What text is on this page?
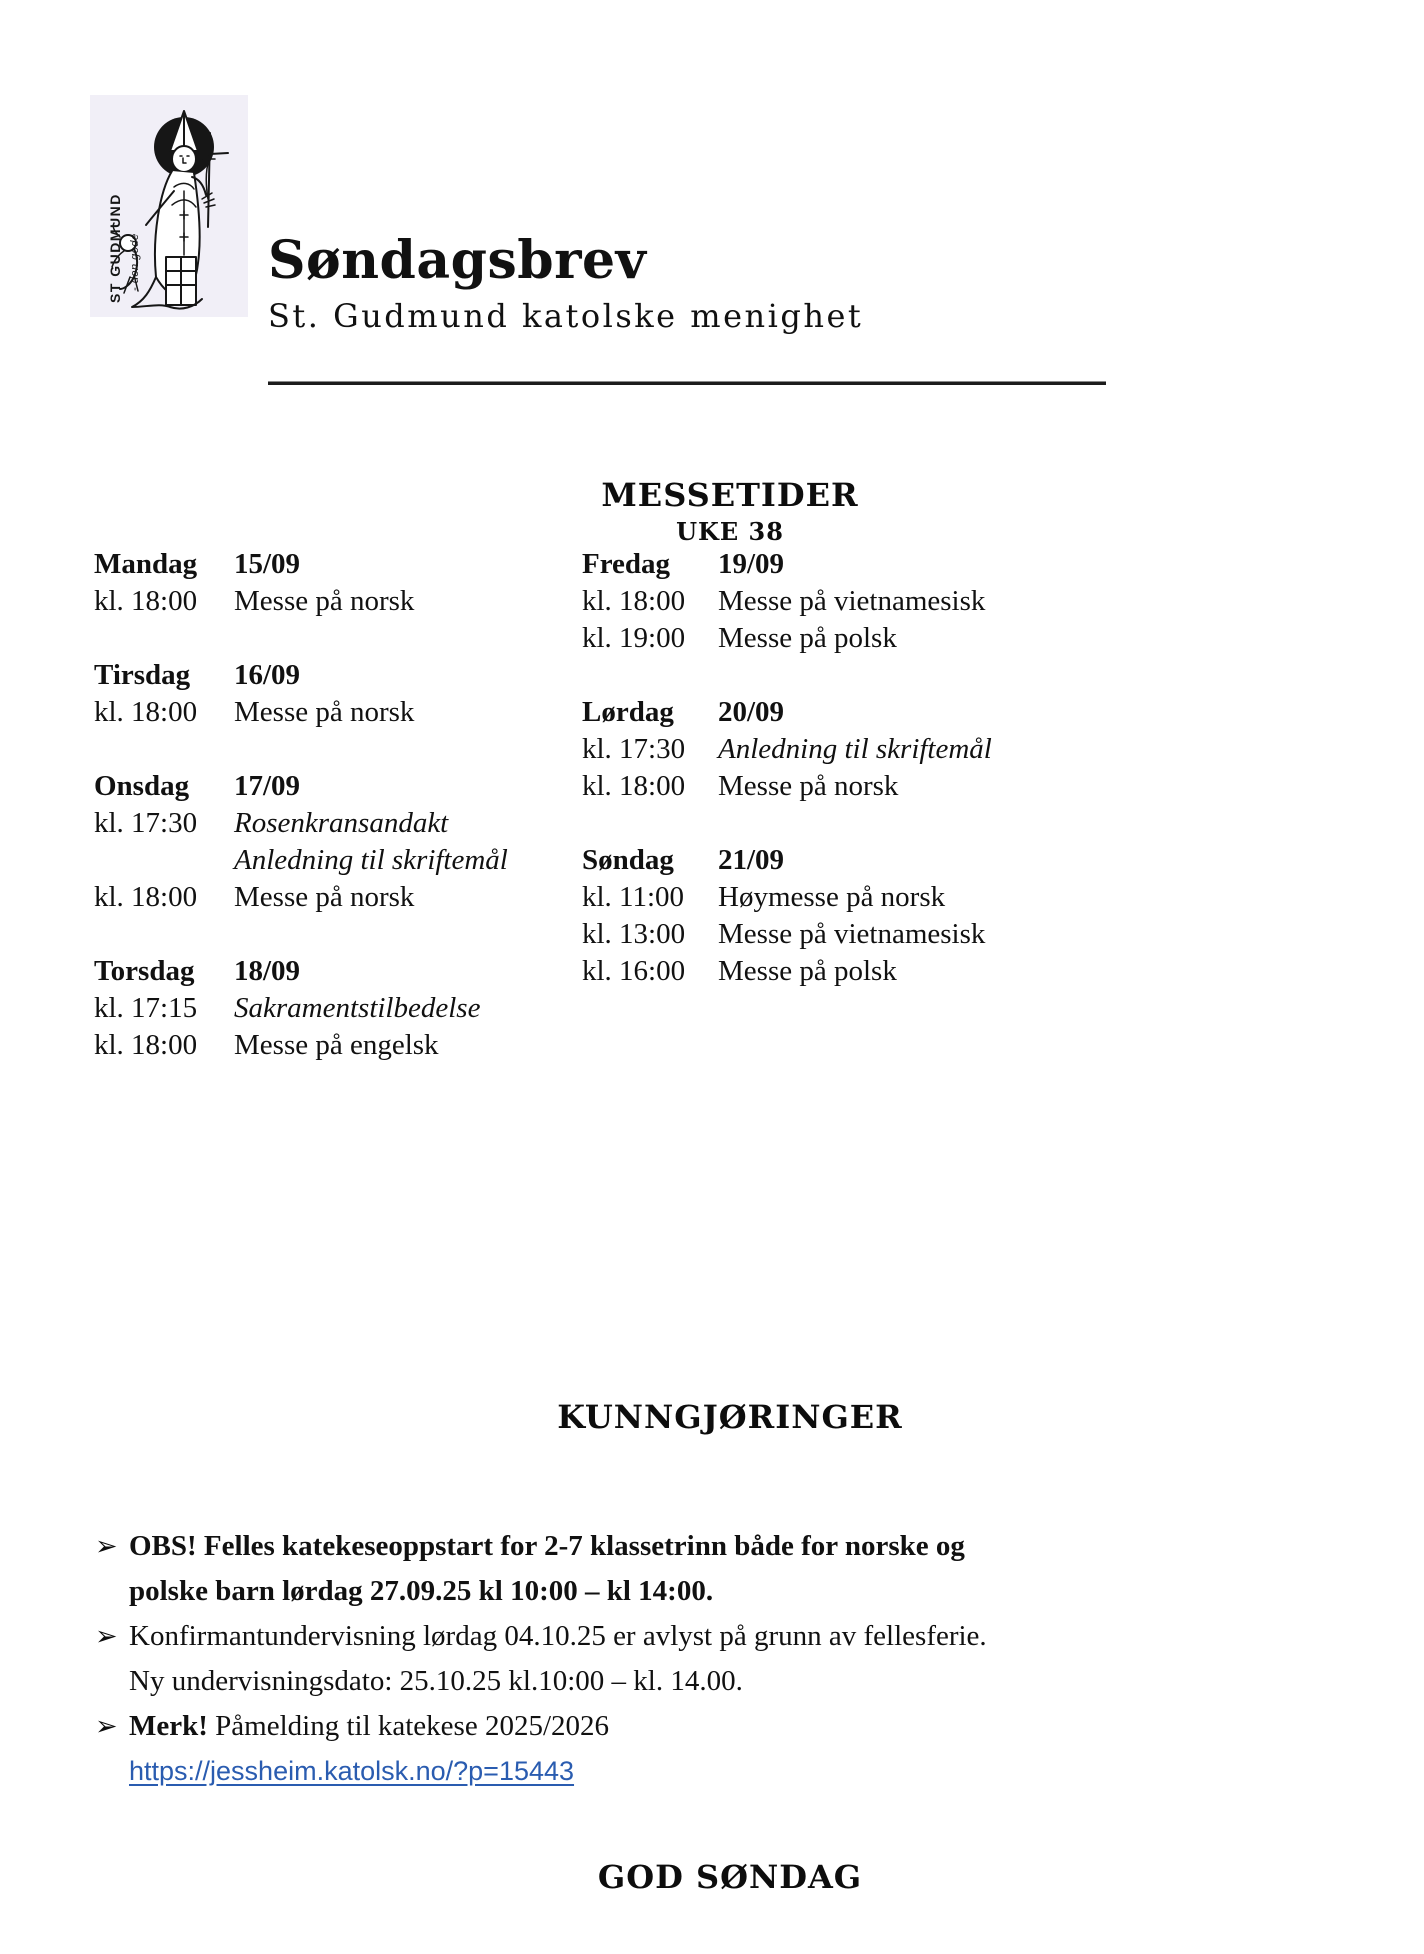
ST GUDMUND - den gode Søndagsbrev
St. Gudmund katolske menighet
MESSETIDER
UKE 38
Mandag	15/09
kl. 18:00	Messe på norsk
Tirsdag	16/09
kl. 18:00	Messe på norsk
Onsdag	17/09
kl. 17:30	Rosenkransandakt

Anledning til skriftemål
kl. 18:00	Messe på norsk
Torsdag	18/09
kl. 17:15	Sakramentstilbedelse
kl. 18:00	Messe på engelsk
Fredag	19/09
kl. 18:00	Messe på vietnamesisk
kl. 19:00	Messe på polsk
Lørdag	20/09
kl. 17:30	Anledning til skriftemål
kl. 18:00	Messe på norsk
Søndag	21/09
kl. 11:00	Høymesse på norsk
kl. 13:00	Messe på vietnamesisk
kl. 16:00	Messe på polsk
KUNNGJØRINGER
➢ OBS! Felles katekeseoppstart for 2-7 klassetrinn både for norske og
polske barn lørdag 27.09.25 kl 10:00 – kl 14:00.
➢ Konfirmantundervisning lørdag 04.10.25 er avlyst på grunn av fellesferie.
Ny undervisningsdato: 25.10.25 kl.10:00 – kl. 14.00.
➢ Merk! Påmelding til katekese 2025/2026
https://jessheim.katolsk.no/?p=15443
GOD SØNDAG
